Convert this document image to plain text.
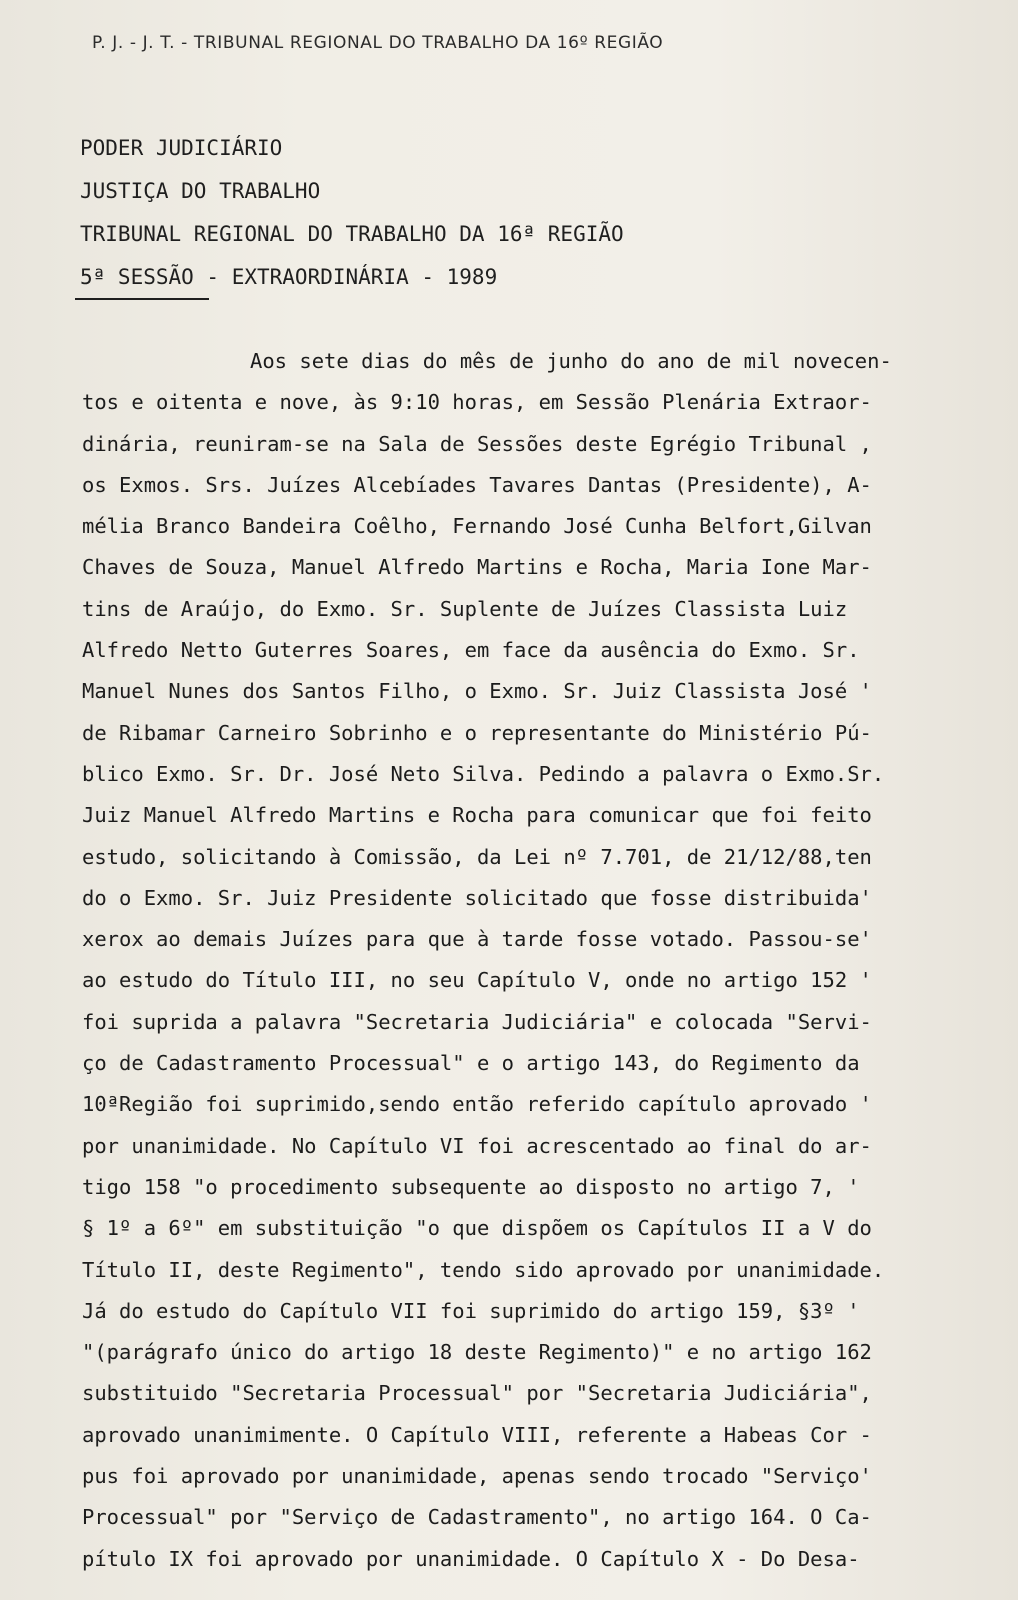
P. J. - J. T. - TRIBUNAL REGIONAL DO TRABALHO DA 16º REGIÃO
PODER JUDICIÁRIO
JUSTIÇA DO TRABALHO
TRIBUNAL REGIONAL DO TRABALHO DA 16ª REGIÃO
5ª SESSÃO - EXTRAORDINÁRIA - 1989
Aos sete dias do mês de junho do ano de mil novecen-
tos e oitenta e nove, às 9:10 horas, em Sessão Plenária Extraor-
dinária, reuniram-se na Sala de Sessões deste Egrégio Tribunal ,
os Exmos. Srs. Juízes Alcebíades Tavares Dantas (Presidente), A-
mélia Branco Bandeira Coêlho, Fernando José Cunha Belfort,Gilvan
Chaves de Souza, Manuel Alfredo Martins e Rocha, Maria Ione Mar-
tins de Araújo, do Exmo. Sr. Suplente de Juízes Classista Luiz
Alfredo Netto Guterres Soares, em face da ausência do Exmo. Sr.
Manuel Nunes dos Santos Filho, o Exmo. Sr. Juiz Classista José '
de Ribamar Carneiro Sobrinho e o representante do Ministério Pú-
blico Exmo. Sr. Dr. José Neto Silva. Pedindo a palavra o Exmo.Sr.
Juiz Manuel Alfredo Martins e Rocha para comunicar que foi feito
estudo, solicitando à Comissão, da Lei nº 7.701, de 21/12/88,ten
do o Exmo. Sr. Juiz Presidente solicitado que fosse distribuida'
xerox ao demais Juízes para que à tarde fosse votado. Passou-se'
ao estudo do Título III, no seu Capítulo V, onde no artigo 152 '
foi suprida a palavra "Secretaria Judiciária" e colocada "Servi-
ço de Cadastramento Processual" e o artigo 143, do Regimento da
10ªRegião foi suprimido,sendo então referido capítulo aprovado '
por unanimidade. No Capítulo VI foi acrescentado ao final do ar-
tigo 158 "o procedimento subsequente ao disposto no artigo 7, '
§ 1º a 6º" em substituição "o que dispõem os Capítulos II a V do
Título II, deste Regimento", tendo sido aprovado por unanimidade.
Já do estudo do Capítulo VII foi suprimido do artigo 159, §3º '
"(parágrafo único do artigo 18 deste Regimento)" e no artigo 162
substituido "Secretaria Processual" por "Secretaria Judiciária",
aprovado unanimimente. O Capítulo VIII, referente a Habeas Cor -
pus foi aprovado por unanimidade, apenas sendo trocado "Serviço'
Processual" por "Serviço de Cadastramento", no artigo 164. O Ca-
pítulo IX foi aprovado por unanimidade. O Capítulo X - Do Desa-
